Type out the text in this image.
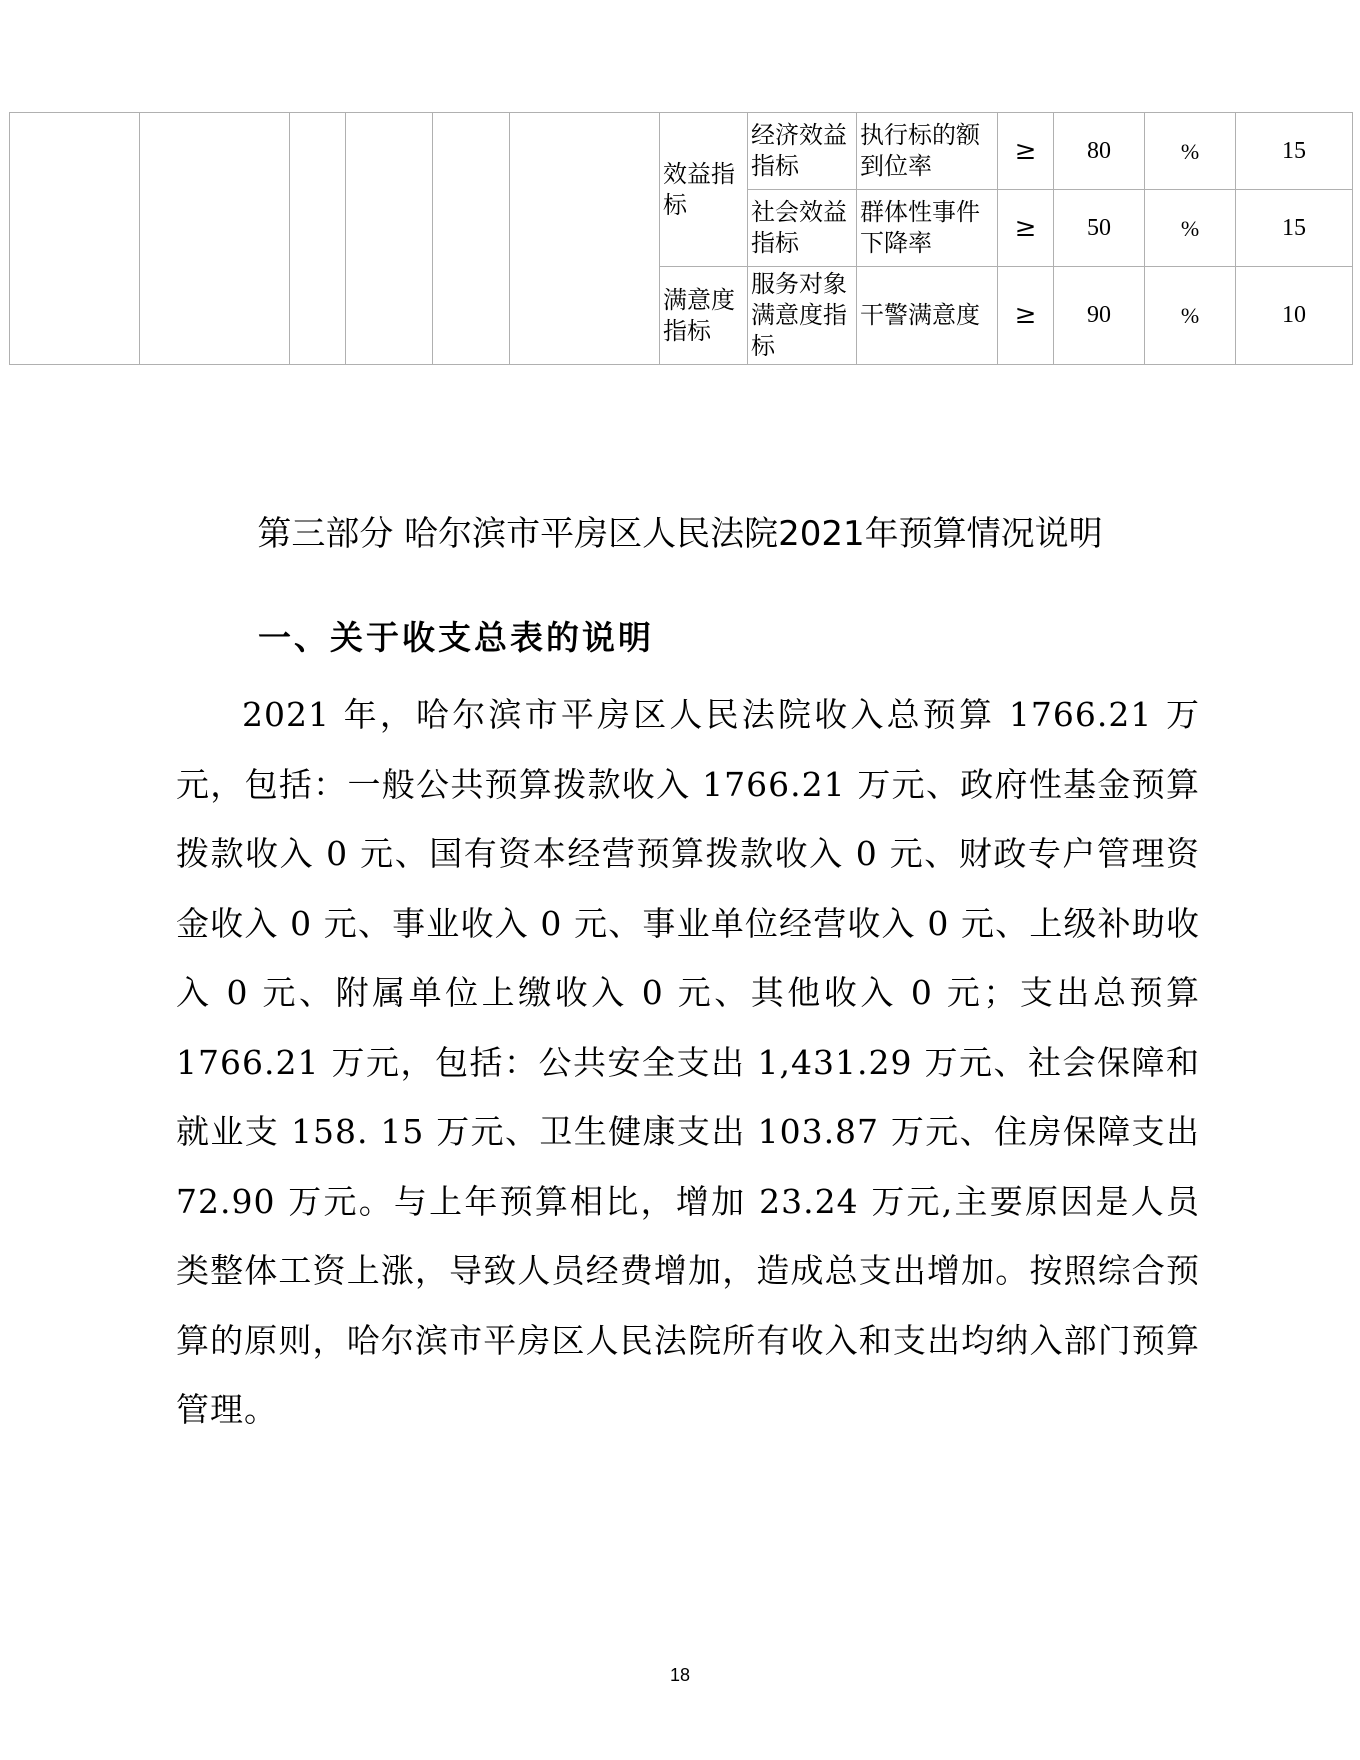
						效益指标	经济效益指标	执行标的额到位率	≥	80	%	15
							社会效益指标	群体性事件下降率	≥	50	%	15
						满意度指标	服务对象满意度指标	干警满意度	≥	90	%	10
第三部分 哈尔滨市平房区人民法院2021年预算情况说明
一、关于收支总表的说明

2021 年，哈尔滨市平房区人民法院收入总预算 1766.21 万元，包括：一般公共预算拨款收入 1766.21 万元、政府性基金预算拨款收入 0 元、国有资本经营预算拨款收入 0 元、财政专户管理资金收入 0 元、事业收入 0 元、事业单位经营收入 0 元、上级补助收入 0 元、附属单位上缴收入 0 元、其他收入 0 元；支出总预算 1766.21 万元，包括：公共安全支出 1,431.29 万元、社会保障和就业支 158. 15 万元、卫生健康支出 103.87 万元、住房保障支出 72.90 万元。与上年预算相比，增加 23.24 万元,主要原因是人员类整体工资上涨，导致人员经费增加，造成总支出增加。按照综合预算的原则，哈尔滨市平房区人民法院所有收入和支出均纳入部门预算管理。

18
